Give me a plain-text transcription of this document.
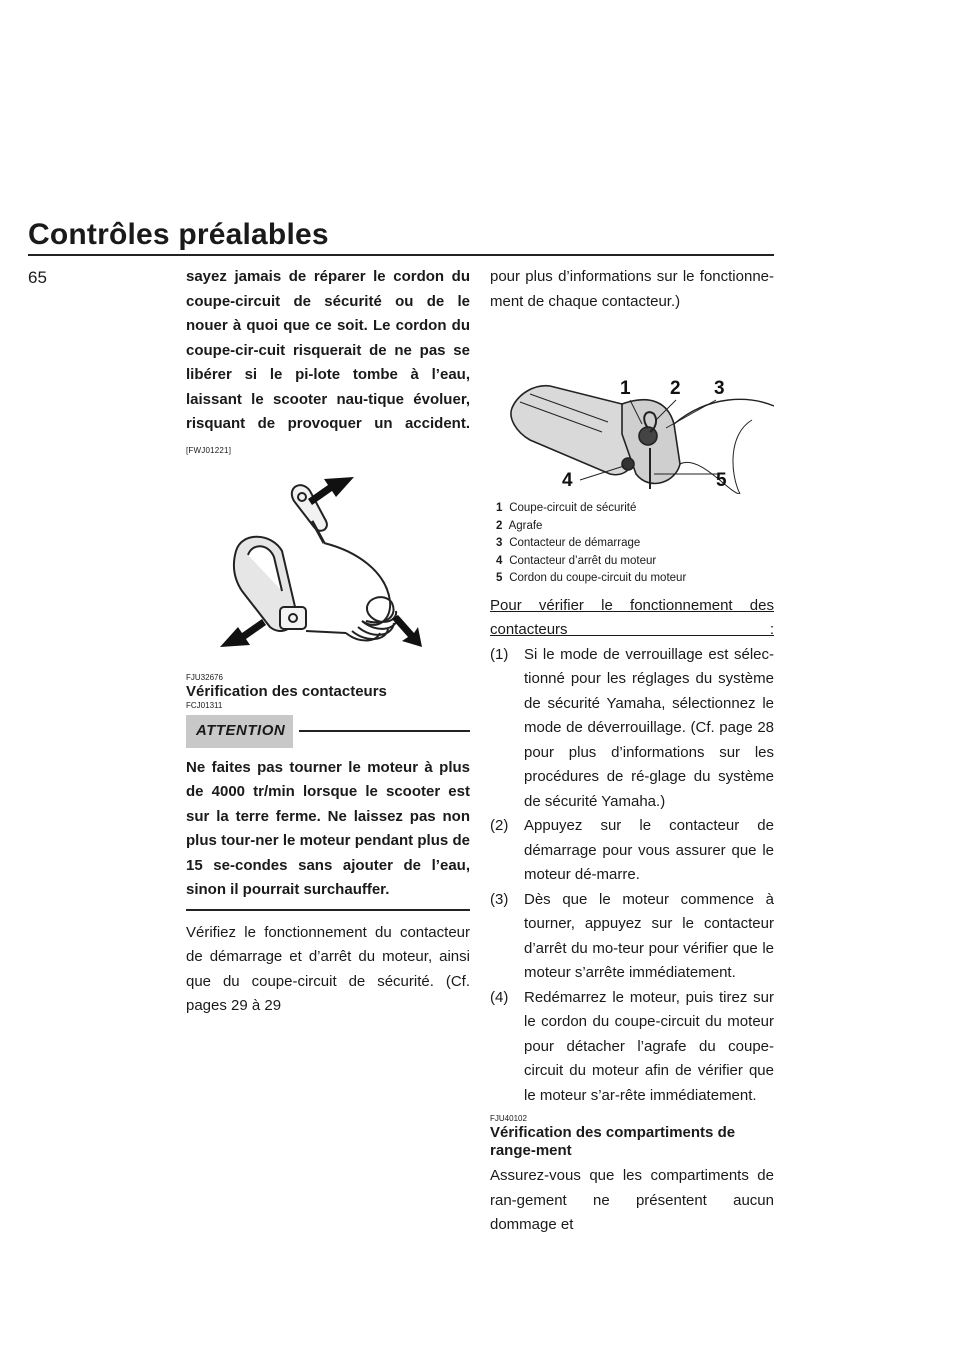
Contrôles préalables
65	sayez jamais de réparer le cordon du coupe-circuit de sécurité ou de le nouer à quoi que ce soit. Le cordon du coupe-cir-cuit risquerait de ne pas se libérer si le pi-lote tombe à l’eau, laissant le scooter nau-tique évoluer, risquant de provoquer un accident. [FWJ01221]

FJU32676

Vérification des contacteurs

FCJ01311

ATTENTION

Ne faites pas tourner le moteur à plus de 4000 tr/min lorsque le scooter est sur la terre ferme. Ne laissez pas non plus tour-ner le moteur pendant plus de 15 se-condes sans ajouter de l’eau, sinon il pourrait surchauffer.

Vérifiez le fonctionnement du contacteur de démarrage et d’arrêt du moteur, ainsi que du coupe-circuit de sécurité. (Cf. pages 29 à 29

pour plus d’informations sur le fonctionne-ment de chaque contacteur.)

1 2 3
4	5
1 Coupe-circuit de sécurité
2 Agrafe
3 Contacteur de démarrage
4 Contacteur d’arrêt du moteur
5 Cordon du coupe-circuit du moteur

Pour vérifier le fonctionnement des contacteurs :

(1)	Si le mode de verrouillage est sélec-tionné pour les réglages du système de sécurité Yamaha, sélectionnez le mode de déverrouillage. (Cf. page 28 pour plus d’informations sur les procédures de ré-glage du système de sécurité Yamaha.)
(2)	Appuyez sur le contacteur de démarrage pour vous assurer que le moteur dé-marre.
(3)	Dès que le moteur commence à tourner, appuyez sur le contacteur d’arrêt du mo-teur pour vérifier que le moteur s’arrête immédiatement.
(4)	Redémarrez le moteur, puis tirez sur le cordon du coupe-circuit du moteur pour détacher l’agrafe du coupe-circuit du moteur afin de vérifier que le moteur s’ar-rête immédiatement.

FJU40102

Vérification des compartiments de range-ment

Assurez-vous que les compartiments de ran-gement ne présentent aucun dommage et
